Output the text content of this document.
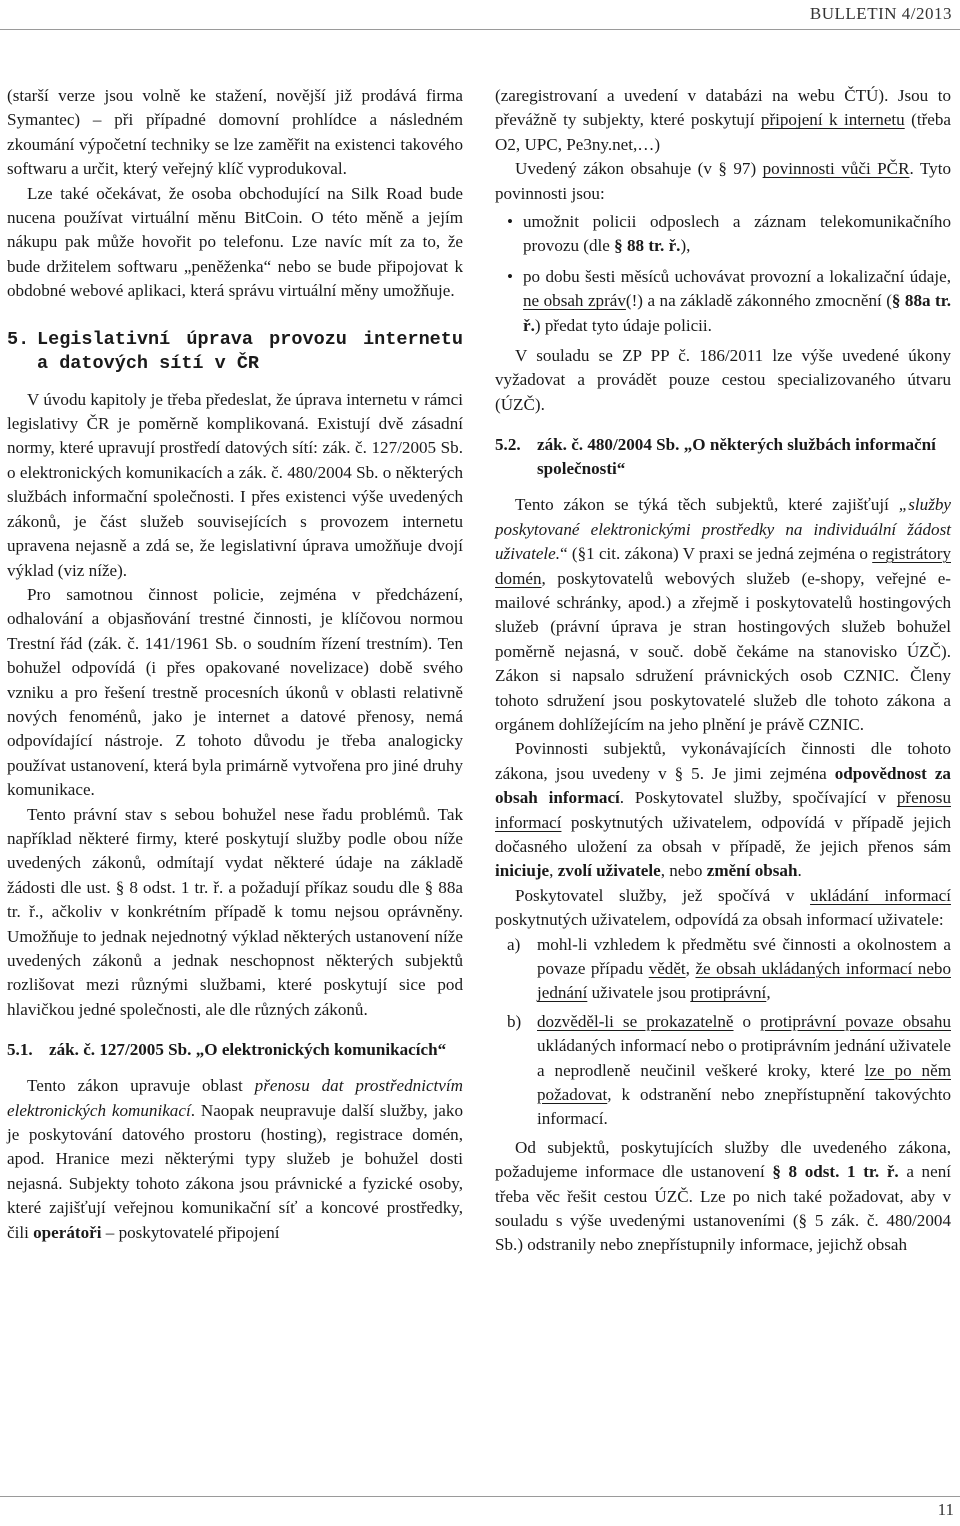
BULLETIN 4/2013

(starší verze jsou volně ke stažení, novější již prodává firma Symantec) – při případné domovní prohlídce a následném zkoumání výpočetní techniky se lze zaměřit na existenci takového softwaru a určit, který veřejný klíč vyprodukoval.

Lze také očekávat, že osoba obchodující na Silk Road bude nucena používat virtuální měnu BitCoin. O této měně a jejím nákupu pak může hovořit po telefonu. Lze navíc mít za to, že bude držitelem softwaru „peněženka“ nebo se bude připojovat k obdobné webové aplikaci, která správu virtuální měny umožňuje.

5. Legislativní úprava provozu internetu a datových sítí v ČR

V úvodu kapitoly je třeba předeslat, že úprava internetu v rámci legislativy ČR je poměrně komplikovaná. Existují dvě zásadní normy, které upravují prostředí datových sítí: zák. č. 127/2005 Sb. o elektronických komunikacích a zák. č. 480/2004 Sb. o některých službách informační společnosti. I přes existenci výše uvedených zákonů, je část služeb souvisejících s provozem internetu upravena nejasně a zdá se, že legislativní úprava umožňuje dvojí výklad (viz níže).

Pro samotnou činnost policie, zejména v předcházení, odhalování a objasňování trestné činnosti, je klíčovou normou Trestní řád (zák. č. 141/1961 Sb. o soudním řízení trestním). Ten bohužel odpovídá (i přes opakované novelizace) době svého vzniku a pro řešení trestně procesních úkonů v oblasti relativně nových fenoménů, jako je internet a datové přenosy, nemá odpovídající nástroje. Z tohoto důvodu je třeba analogicky používat ustanovení, která byla primárně vytvořena pro jiné druhy komunikace.

Tento právní stav s sebou bohužel nese řadu problémů. Tak například některé firmy, které poskytují služby podle obou níže uvedených zákonů, odmítají vydat některé údaje na základě žádosti dle ust. § 8 odst. 1 tr. ř. a požadují příkaz soudu dle § 88a tr. ř., ačkoliv v konkrétním případě k tomu nejsou oprávněny. Umožňuje to jednak nejednotný výklad některých ustanovení níže uvedených zákonů a jednak neschopnost některých subjektů rozlišovat mezi různými službami, které poskytují sice pod hlavičkou jedné společnosti, ale dle různých zákonů.

5.1. zák. č. 127/2005 Sb. „O elektronických komunikacích“

Tento zákon upravuje oblast přenosu dat prostřednictvím elektronických komunikací. Naopak neupravuje další služby, jako je poskytování datového prostoru (hosting), registrace domén, apod. Hranice mezi některými typy služeb je bohužel dosti nejasná. Subjekty tohoto zákona jsou právnické a fyzické osoby, které zajišťují veřejnou komunikační síť a koncové prostředky, čili operátoři – poskytovatelé připojení

(zaregistrovaní a uvedení v databázi na webu ČTÚ). Jsou to převážně ty subjekty, které poskytují připojení k internetu (třeba O2, UPC, Pe3ny.net,…)

Uvedený zákon obsahuje (v § 97) povinnosti vůči PČR. Tyto povinnosti jsou:

• umožnit policii odposlech a záznam telekomunikačního provozu (dle § 88 tr. ř.),
• po dobu šesti měsíců uchovávat provozní a lokalizační údaje, ne obsah zpráv(!) a na základě zákonného zmocnění (§ 88a tr. ř.) předat tyto údaje policii.

V souladu se ZP PP č. 186/2011 lze výše uvedené úkony vyžadovat a provádět pouze cestou specializovaného útvaru (ÚZČ).

5.2. zák. č. 480/2004 Sb. „O některých službách informační společnosti“

Tento zákon se týká těch subjektů, které zajišťují „služby poskytované elektronickými prostředky na individuální žádost uživatele.“ (§1 cit. zákona) V praxi se jedná zejména o registrátory domén, poskytovatelů webových služeb (e-shopy, veřejné e-mailové schránky, apod.) a zřejmě i poskytovatelů hostingových služeb (právní úprava je stran hostingových služeb bohužel poměrně nejasná, v souč. době čekáme na stanovisko ÚZČ). Zákon si napsalo sdružení právnických osob CZNIC. Členy tohoto sdružení jsou poskytovatelé služeb dle tohoto zákona a orgánem dohlížejícím na jeho plnění je právě CZNIC.

Povinnosti subjektů, vykonávajících činnosti dle tohoto zákona, jsou uvedeny v § 5. Je jimi zejména odpovědnost za obsah informací. Poskytovatel služby, spočívající v přenosu informací poskytnutých uživatelem, odpovídá v případě jejich dočasného uložení za obsah v případě, že jejich přenos sám iniciuje, zvolí uživatele, nebo změní obsah.

Poskytovatel služby, jež spočívá v ukládání informací poskytnutých uživatelem, odpovídá za obsah informací uživatele:

a) mohl-li vzhledem k předmětu své činnosti a okolnostem a povaze případu vědět, že obsah ukládaných informací nebo jednání uživatele jsou protiprávní,
b) dozvěděl-li se prokazatelně o protiprávní povaze obsahu ukládaných informací nebo o protiprávním jednání uživatele a neprodleně neučinil veškeré kroky, které lze po něm požadovat, k odstranění nebo znepřístupnění takovýchto informací.

Od subjektů, poskytujících služby dle uvedeného zákona, požadujeme informace dle ustanovení § 8 odst. 1 tr. ř. a není třeba věc řešit cestou ÚZČ. Lze po nich také požadovat, aby v souladu s výše uvedenými ustanoveními (§ 5 zák. č. 480/2004 Sb.) odstranily nebo znepřístupnily informace, jejichž obsah

11
